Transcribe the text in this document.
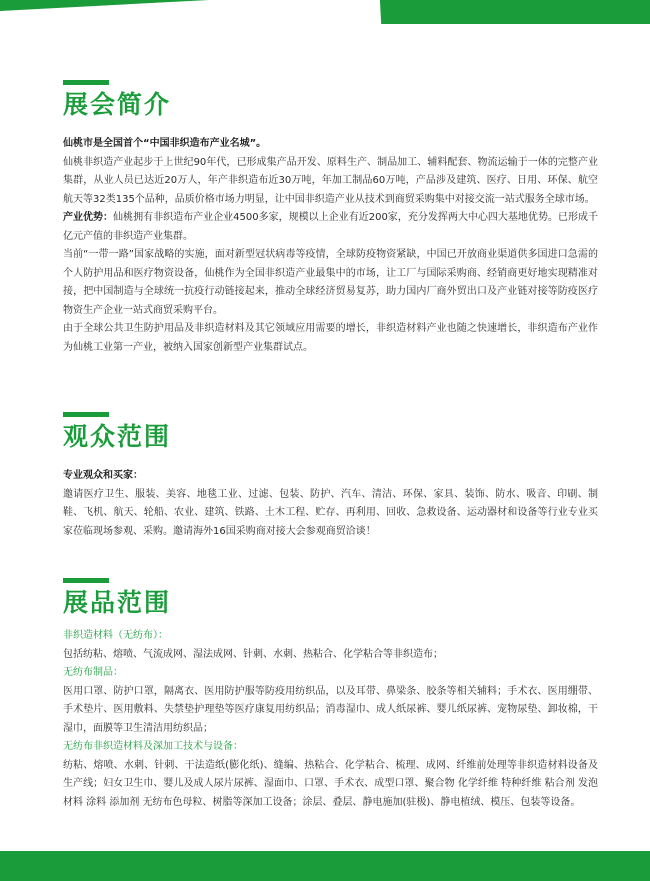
展会简介

仙桃市是全国首个“中国非织造布产业名城”。

仙桃非织造产业起步于上世纪90年代，已形成集产品开发、原料生产、制品加工、辅料配套、物流运输于一体的完整产业集群，从业人员已达近20万人，年产非织造布近30万吨，年加工制品60万吨，产品涉及建筑、医疗、日用、环保、航空航天等32类135个品种，品质价格市场力明显，让中国非织造产业从技术到商贸采购集中对接交流一站式服务全球市场。

产业优势：仙桃拥有非织造布产业企业4500多家，规模以上企业有近200家，充分发挥两大中心四大基地优势。已形成千亿元产值的非织造产业集群。

当前“一带一路”国家战略的实施，面对新型冠状病毒等疫情，全球防疫物资紧缺，中国已开放商业渠道供多国进口急需的个人防护用品和医疗物资设备，仙桃作为全国非织造产业最集中的市场，让工厂与国际采购商、经销商更好地实现精准对接，把中国制造与全球统一抗疫行动链接起来，推动全球经济贸易复苏，助力国内厂商外贸出口及产业链对接等防疫医疗物资生产企业一站式商贸采购平台。

由于全球公共卫生防护用品及非织造材料及其它领域应用需要的增长，非织造材料产业也随之快速增长，非织造布产业作为仙桃工业第一产业，被纳入国家创新型产业集群试点。

观众范围

专业观众和买家：

邀请医疗卫生、服装、美容、地毯工业、过滤、包装、防护、汽车、清洁、环保、家具、装饰、防水、吸音、印刷、制鞋、飞机、航天、轮船、农业、建筑、铁路、土木工程、贮存、再利用、回收、急救设备、运动器材和设备等行业专业买家莅临现场参观、采购。邀请海外16国采购商对接大会参观商贸洽谈！

展品范围

非织造材料（无纺布）：

包括纺粘、熔喷、气流成网、湿法成网、针刺、水刺、热粘合、化学粘合等非织造布；

无纺布制品：

医用口罩、防护口罩，隔离衣、医用防护服等防疫用纺织品，以及耳带、鼻梁条、胶条等相关辅料；手术衣、医用绷带、手术垫片、医用敷料、失禁垫护理垫等医疗康复用纺织品；消毒湿巾、成人纸尿裤、婴儿纸尿裤、宠物尿垫、卸妆棉，干湿巾，面膜等卫生清洁用纺织品；

无纺布非织造材料及深加工技术与设备：

纺粘、熔喷、水刺、针刺、干法造纸(膨化纸)、缝编、热粘合、化学粘合、梳理、成网、纤维前处理等非织造材料设备及生产线；妇女卫生巾、婴儿及成人尿片尿裤、湿面巾、口罩、手术衣、成型口罩、聚合物 化学纤维 特种纤维 粘合剂 发泡材料 涂料 添加剂 无纺布色母粒、树脂等深加工设备；涂层、叠层、静电施加(驻极)、静电植绒、模压、包装等设备。
